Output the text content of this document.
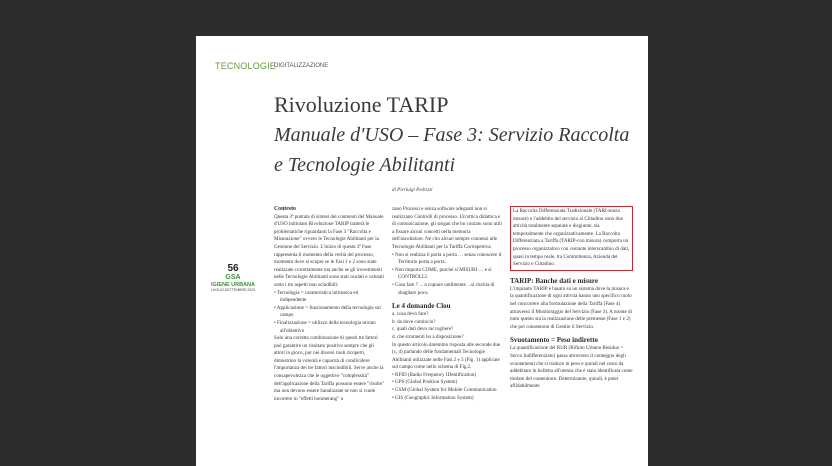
TECNOLOGIE
DIGITALIZZAZIONE
Rivoluzione TARIP
Manuale d'USO – Fase 3: Servizio Raccolta
e Tecnologie Abilitanti
di Pierluigi Pedrizzi
56
GSA
IGIENE URBANA
LUGLIO-SETTEMBRE 2023

Contesto

Questa 3ª puntata di sintesi dei contenuti del Manuale d'USO intitolato Rivoluzione TARIP tratterà le problematiche riguardanti la Fase 3 "Raccolta e Misurazione" ovvero le Tecnologie Abilitanti per la Gestione del Servizio. L'inizio di questa 3ª Fase rappresenta il momento della verità del processo, momento dove si scopre se le Fasi 1 e 2 sono state realizzate correttamente ma anche se gli investimenti nelle Tecnologie Abilitanti sono stati oculati e valutati sotto i tre aspetti non scindibili:

• Tecnologia = caratteristica intrinseca ed indipendente

• Applicazione = funzionamento della tecnologia sul campo

• Finalizzazione = utilizzo della tecnologia mirato all'obiettivo

Solo una corretta combinazione di questi tre fattori può garantire un risultato positivo sempre che gli attori in gioco, pur nei diversi ruoli ricoperti, dimostrino la volontà e capacità di condividere l'importanza dei tre fattori inscindibili. Serve anche la consapevolezza che le oggettive "complessità" dell'applicazione della Tariffa possono essere "risolte" ma non devono essere banalizzate se non si vuole incorrere in "effetti boomerang" o

zano Processi e senza software adeguati non si realizzano Controlli di processo. Un'ottica didattica e di comunicazione, gli slogan che ho coniato sono utili a fissare alcuni concetti nella memoria dell'ascoltatore. Ne cito alcuni sempre connessi alle Tecnologie Abilitanti per la Tariffa Corrispettiva.

• Non si realizza il porta a porta … senza conoscere il Territorio porta a porta.

• Non importa COME, purché si MISURI … e si CONTROLLI.

• Cosa fare ? ... a copiare umilmente ...si rischia di sbagliare poco.

Le 4 domande Clou

a. cosa devo fare?

b. da dove comincio?

c. quali dati devo raccogliere?

d. che strumenti ho a disposizione?

In questo articolo daremmo risposta alle seconde due (c, d) parlando delle fondamentali Tecnologie Abilitanti utilizzate nelle Fasi 2 e 3 (Fig. 1) applicate sul campo come nello schema di Fig.2.

• RFID (Radio Frequency IDentification)

• GPS (Global Position System)

• GSM (Global System for Mobile Communication

• GIS (Geographic Information System)

La Raccolta Differenziata Tradizionale (TARI-senza misure) e l'addebito del servizio al Cittadino sono due attività totalmente separate e disgiunte, sia temporalmente che organizzativamente. La Raccolta Differenziata a Tariffa (TARIP-con misura) comporta un processo organizzativo con costante interscambio di dati, quasi in tempo reale, tra Committenza, Azienda del Servizio e Cittadino.

TARIP: Banche dati e misure

L'impianto TARIP è basato su un sistema dove la misura e la quantificazione di ogni attività hanno uno specifico ruolo nel concorrere alla formulazione della Tariffa (Fase 4) attraverso il Monitoraggio del Servizio (Fase 3). A monte di tutto questo sta la realizzazione delle premesse (Fase 1 e 2) che poi consentono di Gestire il Servizio.

Svuotamento = Peso indiretto

La quantificazione del RUR (Rifiuto Urbano Residuo = Secco Indifferenziato) passa attraverso il conteggio degli svuotamenti che si traduce in peso e quindi nel costo da addebitare in bolletta all'utenza che è stata identificata come titolare del contenitore. Determinante, quindi, è poter affidabilmente
